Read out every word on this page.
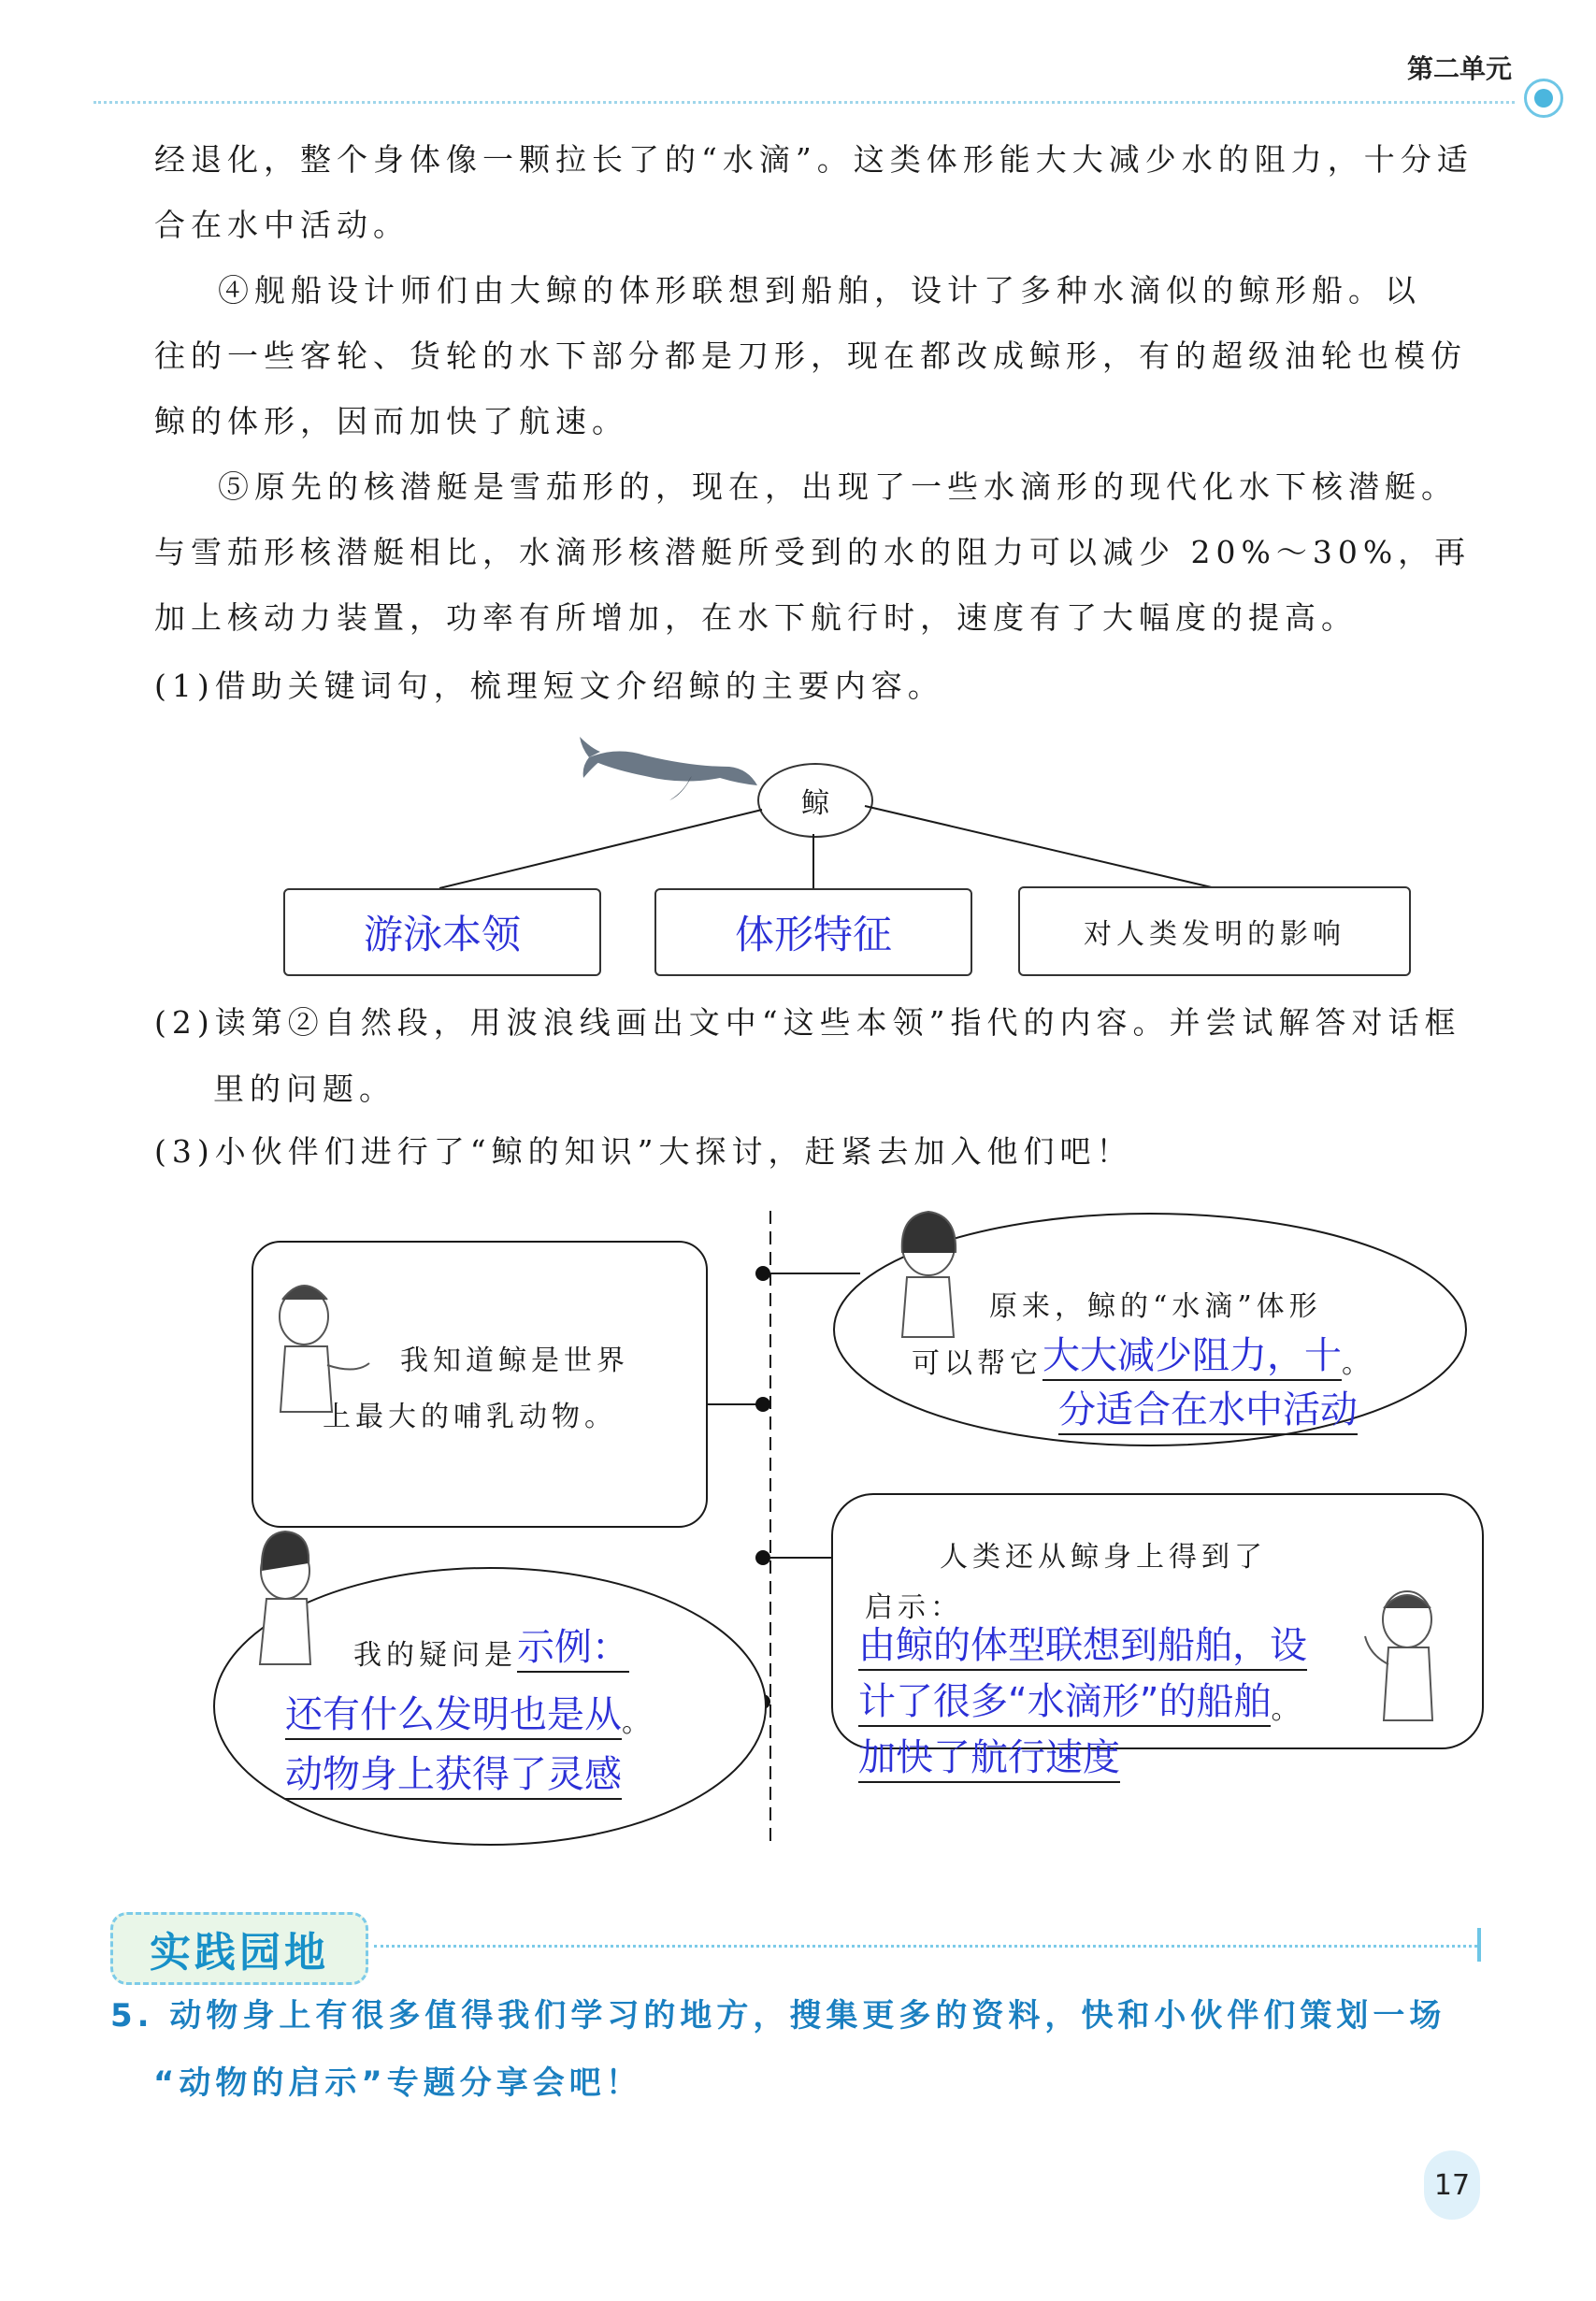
第二单元
经退化，整个身体像一颗拉长了的“水滴”。这类体形能大大减少水的阻力，十分适
合在水中活动。
④舰船设计师们由大鲸的体形联想到船舶，设计了多种水滴似的鲸形船。以
往的一些客轮、货轮的水下部分都是刀形，现在都改成鲸形，有的超级油轮也模仿
鲸的体形，因而加快了航速。
⑤原先的核潜艇是雪茄形的，现在，出现了一些水滴形的现代化水下核潜艇。
与雪茄形核潜艇相比，水滴形核潜艇所受到的水的阻力可以减少 20%～30%，再
加上核动力装置，功率有所增加，在水下航行时，速度有了大幅度的提高。
(1)借助关键词句，梳理短文介绍鲸的主要内容。
鲸
游泳本领	体形特征	对人类发明的影响
(2)读第②自然段，用波浪线画出文中“这些本领”指代的内容。并尝试解答对话框
里的问题。
(3)小伙伴们进行了“鲸的知识”大探讨，赶紧去加入他们吧！
我知道鲸是世界
上最大的哺乳动物。
原来，鲸的“水滴”体形
可以帮它 大大减少阻力，十 。
分适合在水中活动
人类还从鲸身上得到了
启示：
由鲸的体型联想到船舶，设
计了很多“水滴形”的船舶 。
加快了航行速度
我的疑问是 示例：
还有什么发明也是从 。
动物身上获得了灵感
实践园地
5. 动物身上有很多值得我们学习的地方，搜集更多的资料，快和小伙伴们策划一场
“动物的启示”专题分享会吧！
17
